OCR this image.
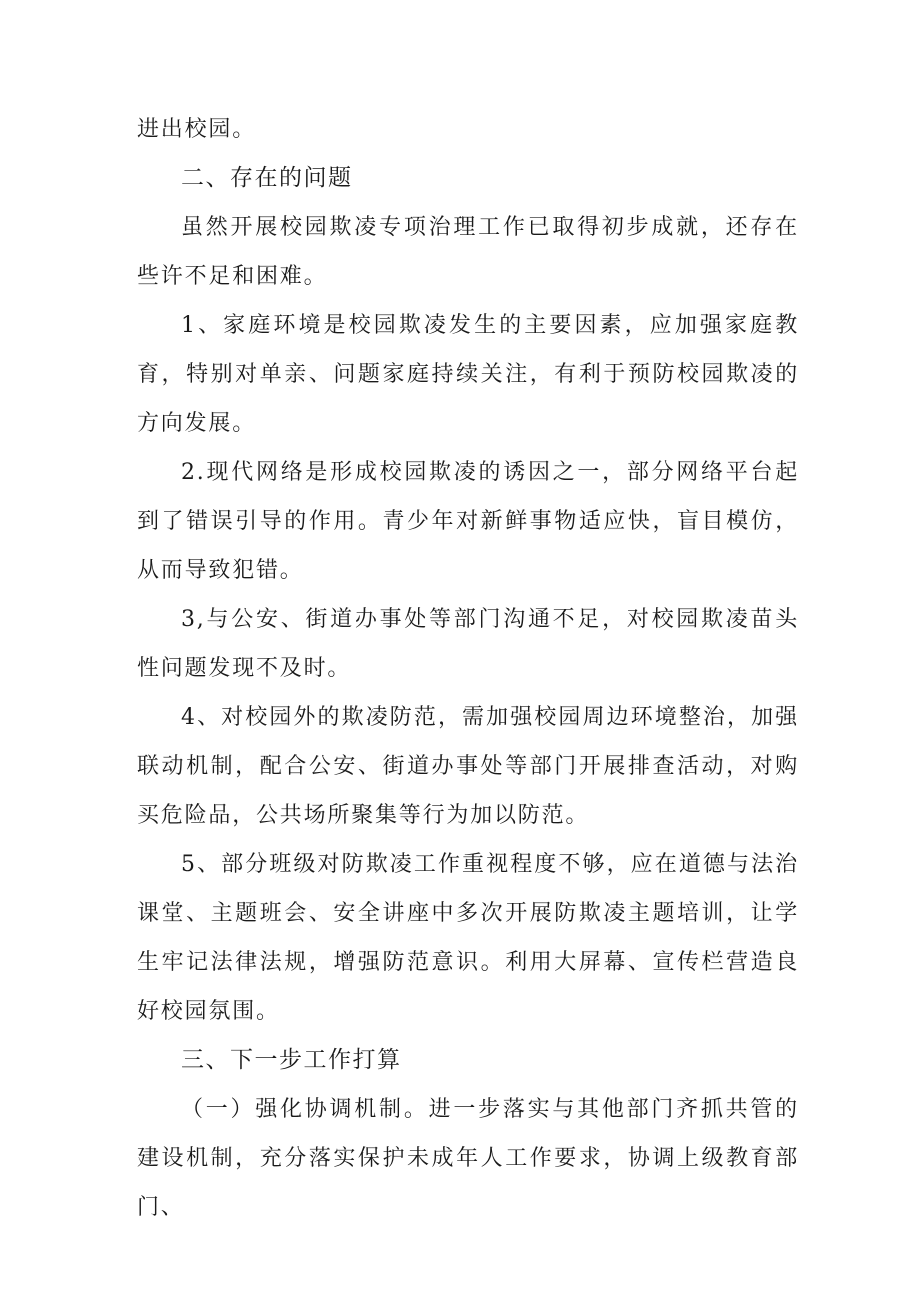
进出校园。

二、存在的问题

虽然开展校园欺凌专项治理工作已取得初步成就，还存在些许不足和困难。

1、家庭环境是校园欺凌发生的主要因素，应加强家庭教育，特别对单亲、问题家庭持续关注，有利于预防校园欺凌的方向发展。

2.现代网络是形成校园欺凌的诱因之一，部分网络平台起到了错误引导的作用。青少年对新鲜事物适应快，盲目模仿，从而导致犯错。

3,与公安、街道办事处等部门沟通不足，对校园欺凌苗头性问题发现不及时。

4、对校园外的欺凌防范，需加强校园周边环境整治，加强联动机制，配合公安、街道办事处等部门开展排查活动，对购买危险品，公共场所聚集等行为加以防范。

5、部分班级对防欺凌工作重视程度不够，应在道德与法治课堂、主题班会、安全讲座中多次开展防欺凌主题培训，让学生牢记法律法规，增强防范意识。利用大屏幕、宣传栏营造良好校园氛围。

三、下一步工作打算

（一）强化协调机制。进一步落实与其他部门齐抓共管的建设机制，充分落实保护未成年人工作要求，协调上级教育部门、
